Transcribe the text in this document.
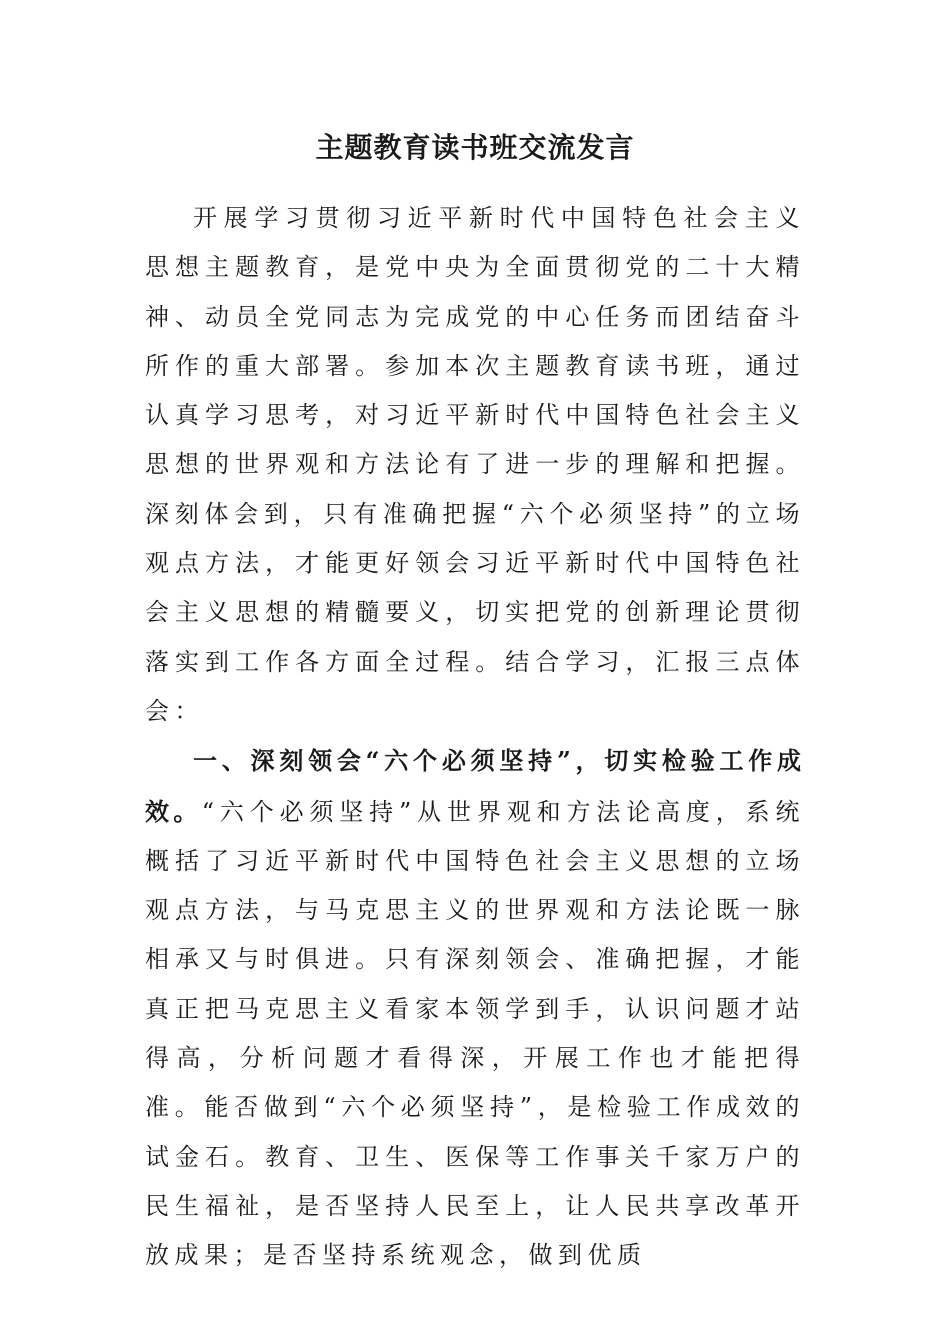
主题教育读书班交流发言

开展学习贯彻习近平新时代中国特色社会主义思想主题教育，是党中央为全面贯彻党的二十大精神、动员全党同志为完成党的中心任务而团结奋斗所作的重大部署。参加本次主题教育读书班，通过认真学习思考，对习近平新时代中国特色社会主义思想的世界观和方法论有了进一步的理解和把握。深刻体会到，只有准确把握“六个必须坚持”的立场观点方法，才能更好领会习近平新时代中国特色社会主义思想的精髓要义，切实把党的创新理论贯彻落实到工作各方面全过程。结合学习，汇报三点体会：

一、深刻领会“六个必须坚持”，切实检验工作成效。“六个必须坚持”从世界观和方法论高度，系统概括了习近平新时代中国特色社会主义思想的立场观点方法，与马克思主义的世界观和方法论既一脉相承又与时俱进。只有深刻领会、准确把握，才能真正把马克思主义看家本领学到手，认识问题才站得高，分析问题才看得深，开展工作也才能把得准。能否做到“六个必须坚持”，是检验工作成效的试金石。教育、卫生、医保等工作事关千家万户的民生福祉，是否坚持人民至上，让人民共享改革开放成果；是否坚持系统观念，做到优质
